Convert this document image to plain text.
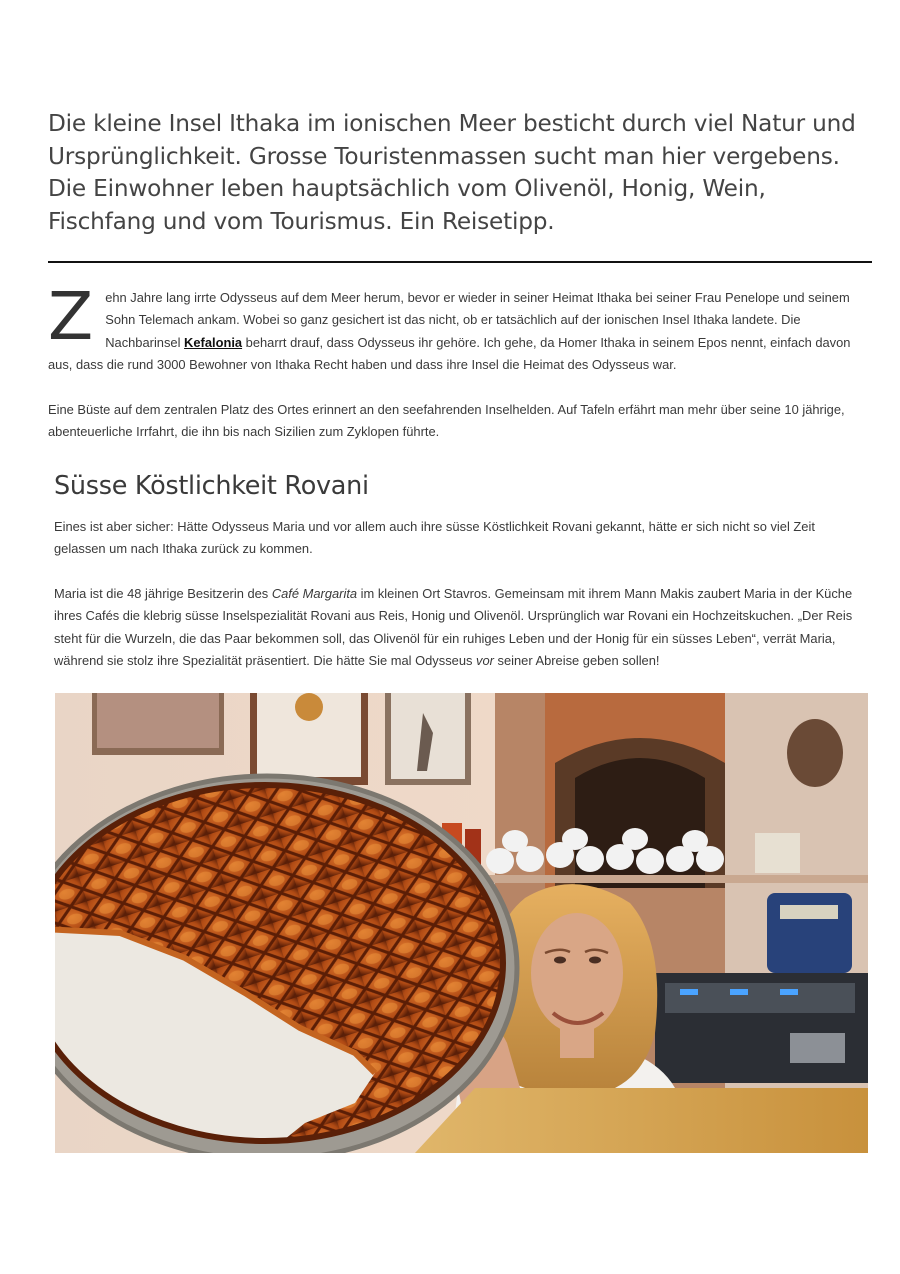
Die kleine Insel Ithaka im ionischen Meer besticht durch viel Natur und Ursprünglichkeit. Grosse Touristenmassen sucht man hier vergebens. Die Einwohner leben hauptsächlich vom Olivenöl, Honig, Wein, Fischfang und vom Tourismus. Ein Reisetipp.

Zehn Jahre lang irrte Odysseus auf dem Meer herum, bevor er wieder in seiner Heimat Ithaka bei seiner Frau Penelope und seinem Sohn Telemach ankam. Wobei so ganz gesichert ist das nicht, ob er tatsächlich auf der ionischen Insel Ithaka landete. Die Nachbarinsel Kefalonia beharrt drauf, dass Odysseus ihr gehöre. Ich gehe, da Homer Ithaka in seinem Epos nennt, einfach davon aus, dass die rund 3000 Bewohner von Ithaka Recht haben und dass ihre Insel die Heimat des Odysseus war.

Eine Büste auf dem zentralen Platz des Ortes erinnert an den seefahrenden Inselhelden. Auf Tafeln erfährt man mehr über seine 10 jährige, abenteuerliche Irrfahrt, die ihn bis nach Sizilien zum Zyklopen führte.

Süsse Köstlichkeit Rovani

Eines ist aber sicher: Hätte Odysseus Maria und vor allem auch ihre süsse Köstlichkeit Rovani gekannt, hätte er sich nicht so viel Zeit gelassen um nach Ithaka zurück zu kommen.

Maria ist die 48 jährige Besitzerin des Café Margarita im kleinen Ort Stavros. Gemeinsam mit ihrem Mann Makis zaubert Maria in der Küche ihres Cafés die klebrig süsse Inselspezialität Rovani aus Reis, Honig und Olivenöl. Ursprünglich war Rovani ein Hochzeitskuchen. „Der Reis steht für die Wurzeln, die das Paar bekommen soll, das Olivenöl für ein ruhiges Leben und der Honig für ein süsses Leben“, verrät Maria, während sie stolz ihre Spezialität präsentiert. Die hätte Sie mal Odysseus vor seiner Abreise geben sollen!
